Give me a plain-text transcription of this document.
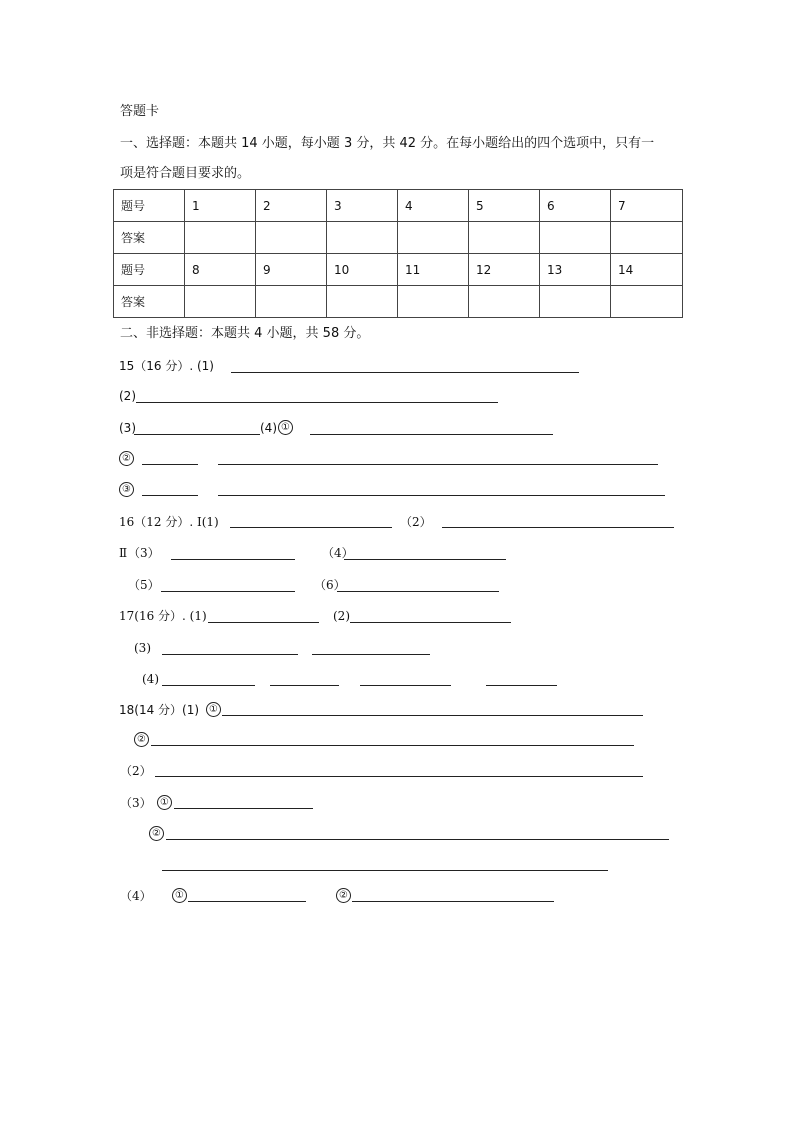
答题卡
一、选择题：本题共 14 小题，每小题 3 分，共 42 分。在每小题给出的四个选项中，只有一
项是符合题目要求的。
题号	1	2	3	4	5	6	7
答案							
题号	8	9	10	11	12	13	14
答案							
二、非选择题：本题共 4 小题，共 58 分。
15（16 分）. (1)
(2)
(3)	(4) ①
②
③
16（12 分）. Ⅰ(1)	（2）
Ⅱ （3）	（4）
（5）	（6）
17(16 分）. (1)	(2)
(3)
(4)
18(14 分）(1) ①
②
（2）
（3） ①
②
（4）	①	②
